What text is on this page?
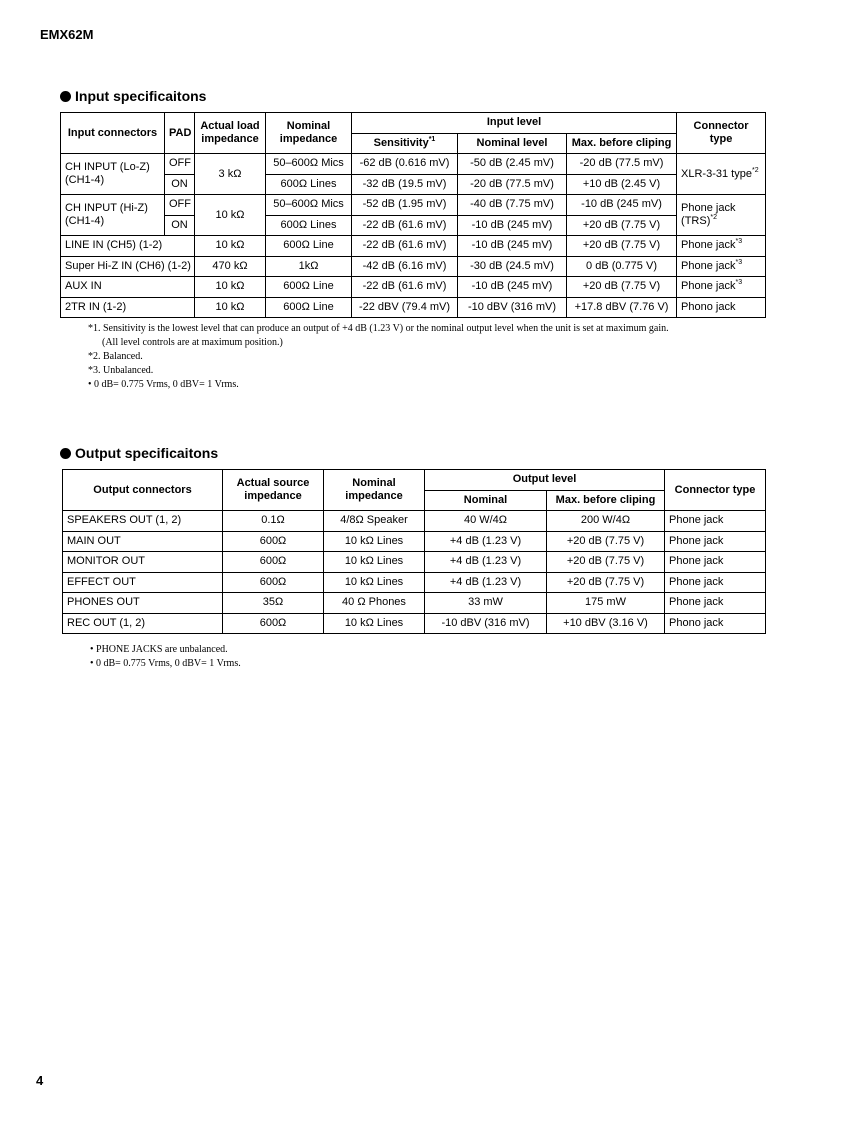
EMX62M
Input specificaitons
Input connectors	PAD	Actual load impedance	Nominal impedance	Input level			Connector type
				Sensitivity$^{*1}$	Nominal level	Max. before cliping	
CH INPUT (Lo-Z) (CH1-4)	OFF	3 kΩ	50–600Ω Mics	-62 dB (0.616 mV)	-50 dB (2.45 mV)	-20 dB (77.5 mV)	XLR-3-31 type$^{*2}$
	ON		600Ω Lines	-32 dB (19.5 mV)	-20 dB (77.5 mV)	+10 dB (2.45 V)	
CH INPUT (Hi-Z) (CH1-4)	OFF	10 kΩ	50–600Ω Mics	-52 dB (1.95 mV)	-40 dB (7.75 mV)	-10 dB (245 mV)	Phone jack (TRS)$^{*2}$
	ON		600Ω Lines	-22 dB (61.6 mV)	-10 dB (245 mV)	+20 dB (7.75 V)	
LINE IN (CH5) (1-2)		10 kΩ	600Ω Line	-22 dB (61.6 mV)	-10 dB (245 mV)	+20 dB (7.75 V)	Phone jack$^{*3}$
Super Hi-Z IN (CH6) (1-2)		470 kΩ	1kΩ	-42 dB (6.16 mV)	-30 dB (24.5 mV)	0 dB (0.775 V)	Phone jack$^{*3}$
AUX IN		10 kΩ	600Ω Line	-22 dB (61.6 mV)	-10 dB (245 mV)	+20 dB (7.75 V)	Phone jack$^{*3}$
2TR IN (1-2)		10 kΩ	600Ω Line	-22 dBV (79.4 mV)	-10 dBV (316 mV)	+17.8 dBV (7.76 V)	Phono jack
*1. Sensitivity is the lowest level that can produce an output of +4 dB (1.23 V) or the nominal output level when the unit is set at maximum gain.
(All level controls are at maximum position.)
*2. Balanced.
*3. Unbalanced.
• 0 dB= 0.775 Vrms, 0 dBV= 1 Vrms.
Output specificaitons
Output connectors	Actual source impedance	Nominal impedance	Output level		Connector type
			Nominal	Max. before cliping	
SPEAKERS OUT (1, 2)	0.1Ω	4/8Ω Speaker	40 W/4Ω	200 W/4Ω	Phone jack
MAIN OUT	600Ω	10 kΩ Lines	+4 dB (1.23 V)	+20 dB (7.75 V)	Phone jack
MONITOR OUT	600Ω	10 kΩ Lines	+4 dB (1.23 V)	+20 dB (7.75 V)	Phone jack
EFFECT OUT	600Ω	10 kΩ Lines	+4 dB (1.23 V)	+20 dB (7.75 V)	Phone jack
PHONES OUT	35Ω	40 Ω Phones	33 mW	175 mW	Phone jack
REC OUT (1, 2)	600Ω	10 kΩ Lines	-10 dBV (316 mV)	+10 dBV (3.16 V)	Phono jack
• PHONE JACKS are unbalanced.
• 0 dB= 0.775 Vrms, 0 dBV= 1 Vrms.
4
